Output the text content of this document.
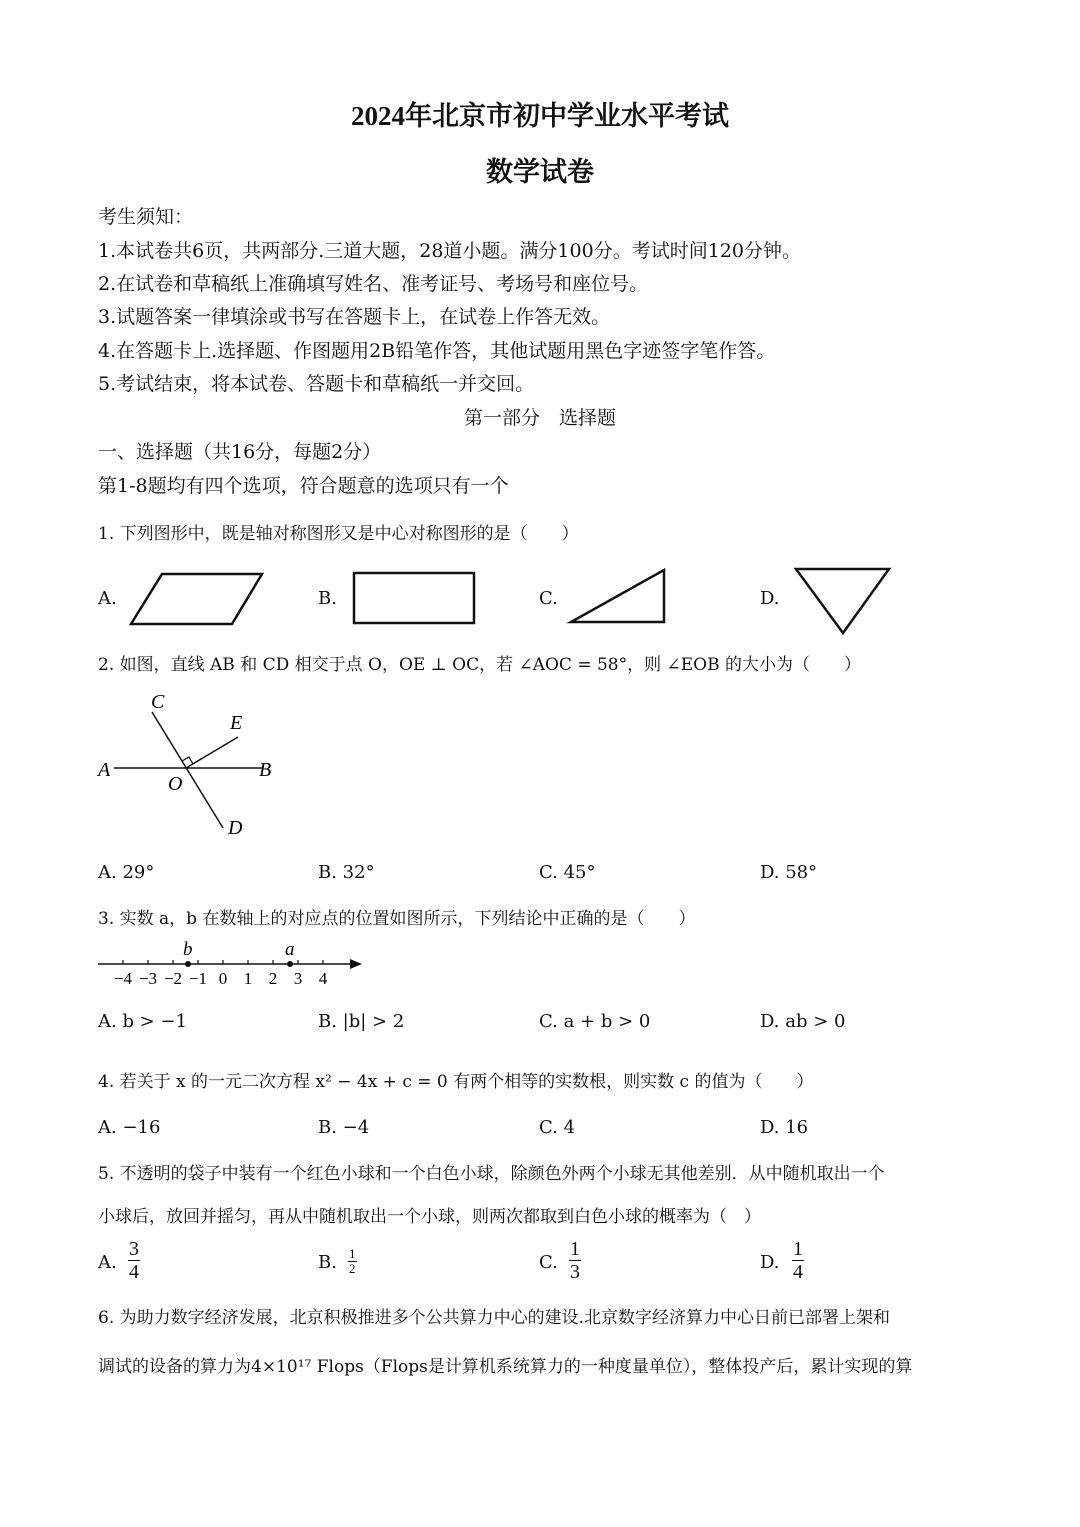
2024年北京市初中学业水平考试
数学试卷
考生须知：
1.本试卷共6页，共两部分.三道大题，28道小题。满分100分。考试时间120分钟。
2.在试卷和草稿纸上准确填写姓名、准考证号、考场号和座位号。
3.试题答案一律填涂或书写在答题卡上，在试卷上作答无效。
4.在答题卡上.选择题、作图题用2B铅笔作答，其他试题用黑色字迹签字笔作答。
5.考试结束，将本试卷、答题卡和草稿纸一并交回。
第一部分　选择题
一、选择题（共16分，每题2分）
第1-8题均有四个选项，符合题意的选项只有一个
1. 下列图形中，既是轴对称图形又是中心对称图形的是（　　）
A.	B.	C.	D.
C
E
A
O
B
D
−4 −3 −2 −1 0 1 2 3 4
b	a
2. 如图，直线 AB 和 CD 相交于点 O，OE ⊥ OC，若 ∠AOC = 58°，则 ∠EOB 的大小为（　　）
A. 29°	B. 32°	C. 45°	D. 58°
3. 实数 a，b 在数轴上的对应点的位置如图所示，下列结论中正确的是（　　）
A. b > −1	B. |b| > 2	C. a + b > 0	D. ab > 0
4. 若关于 x 的一元二次方程 x² − 4x + c = 0 有两个相等的实数根，则实数 c 的值为（　　）
A. −16	B. −4	C. 4	D. 16
5. 不透明的袋子中装有一个红色小球和一个白色小球，除颜色外两个小球无其他差别．从中随机取出一个
小球后，放回并摇匀，再从中随机取出一个小球，则两次都取到白色小球的概率为（　）
A.	B.	C.	D.
$\frac{3}{4}$	$\frac{1}{2}$	$\frac{1}{3}$	$\frac{1}{4}$
6. 为助力数字经济发展，北京积极推进多个公共算力中心的建设.北京数字经济算力中心日前已部署上架和
调试的设备的算力为4×10¹⁷ Flops（Flops是计算机系统算力的一种度量单位），整体投产后，累计实现的算
